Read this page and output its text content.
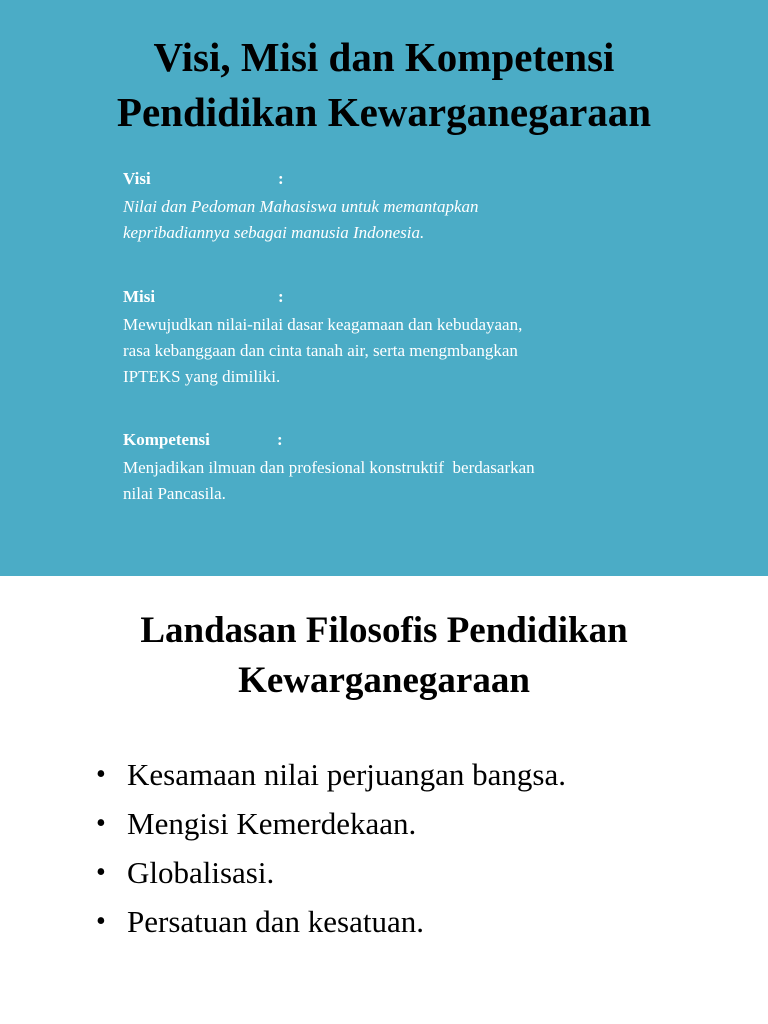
Visi, Misi dan Kompetensi
Pendidikan Kewarganegaraan
Visi	:
Nilai dan Pedoman Mahasiswa untuk memantapkan
kepribadiannya sebagai manusia Indonesia.
Misi	:
Mewujudkan nilai-nilai dasar keagamaan dan kebudayaan,
rasa kebanggaan dan cinta tanah air, serta mengmbangkan
IPTEKS yang dimiliki.
Kompetensi	:
Menjadikan ilmuan dan profesional konstruktif  berdasarkan
nilai Pancasila.
Landasan Filosofis Pendidikan
Kewarganegaraan
• Kesamaan nilai perjuangan bangsa.
• Mengisi Kemerdekaan.
• Globalisasi.
• Persatuan dan kesatuan.
